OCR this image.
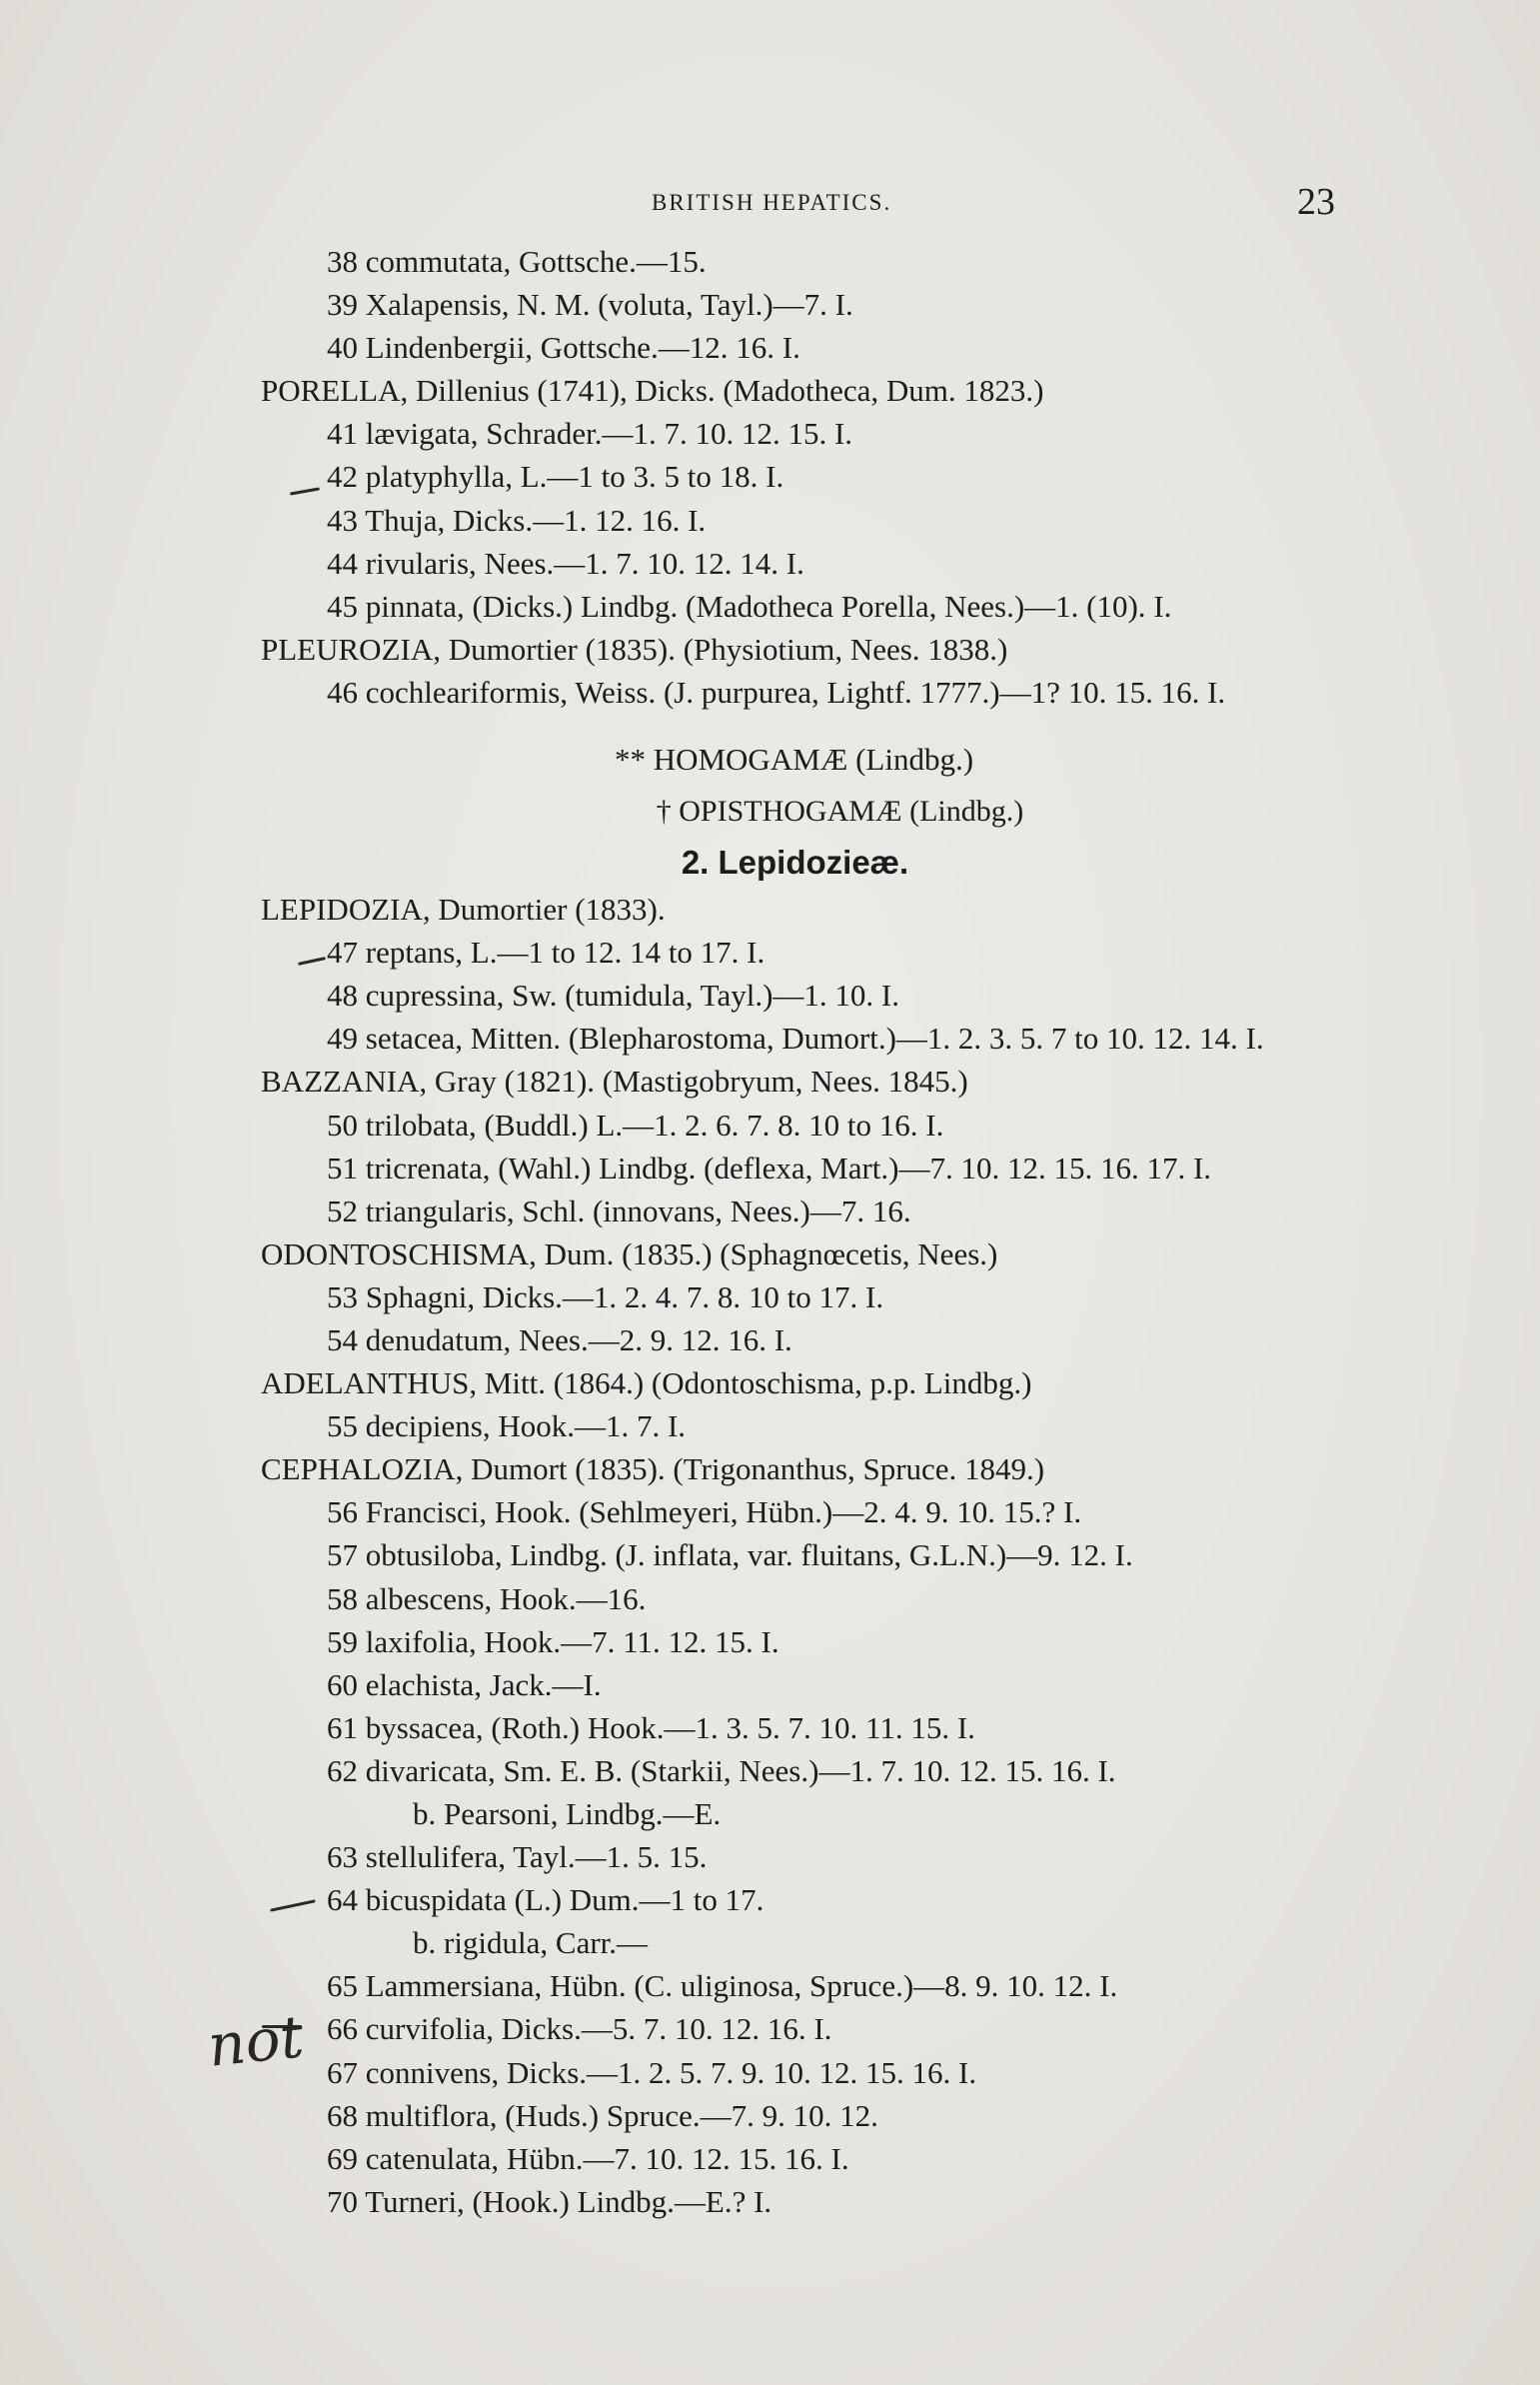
BRITISH HEPATICS.	23
38 commutata, Gottsche.—15.
39 Xalapensis, N. M. (voluta, Tayl.)—7. I.
40 Lindenbergii, Gottsche.—12. 16. I.
PORELLA, Dillenius (1741), Dicks. (Madotheca, Dum. 1823.)
41 lævigata, Schrader.—1. 7. 10. 12. 15. I.
42 platyphylla, L.—1 to 3. 5 to 18. I.
43 Thuja, Dicks.—1. 12. 16. I.
44 rivularis, Nees.—1. 7. 10. 12. 14. I.
45 pinnata, (Dicks.) Lindbg. (Madotheca Porella, Nees.)—1. (10). I.
PLEUROZIA, Dumortier (1835). (Physiotium, Nees. 1838.)
46 cochleariformis, Weiss. (J. purpurea, Lightf. 1777.)—1? 10. 15. 16. I.
** HOMOGAMÆ (Lindbg.)
† OPISTHOGAMÆ (Lindbg.)
2. Lepidozieæ.
LEPIDOZIA, Dumortier (1833).
47 reptans, L.—1 to 12. 14 to 17. I.
48 cupressina, Sw. (tumidula, Tayl.)—1. 10. I.
49 setacea, Mitten. (Blepharostoma, Dumort.)—1. 2. 3. 5. 7 to 10. 12. 14. I.
BAZZANIA, Gray (1821). (Mastigobryum, Nees. 1845.)
50 trilobata, (Buddl.) L.—1. 2. 6. 7. 8. 10 to 16. I.
51 tricrenata, (Wahl.) Lindbg. (deflexa, Mart.)—7. 10. 12. 15. 16. 17. I.
52 triangularis, Schl. (innovans, Nees.)—7. 16.
ODONTOSCHISMA, Dum. (1835.) (Sphagnœcetis, Nees.)
53 Sphagni, Dicks.—1. 2. 4. 7. 8. 10 to 17. I.
54 denudatum, Nees.—2. 9. 12. 16. I.
ADELANTHUS, Mitt. (1864.) (Odontoschisma, p.p. Lindbg.)
55 decipiens, Hook.—1. 7. I.
CEPHALOZIA, Dumort (1835). (Trigonanthus, Spruce. 1849.)
56 Francisci, Hook. (Sehlmeyeri, Hübn.)—2. 4. 9. 10. 15.? I.
57 obtusiloba, Lindbg. (J. inflata, var. fluitans, G.L.N.)—9. 12. I.
58 albescens, Hook.—16.
59 laxifolia, Hook.—7. 11. 12. 15. I.
60 elachista, Jack.—I.
61 byssacea, (Roth.) Hook.—1. 3. 5. 7. 10. 11. 15. I.
62 divaricata, Sm. E. B. (Starkii, Nees.)—1. 7. 10. 12. 15. 16. I.
b. Pearsoni, Lindbg.—E.
63 stellulifera, Tayl.—1. 5. 15.
64 bicuspidata (L.) Dum.—1 to 17.
b. rigidula, Carr.—
65 Lammersiana, Hübn. (C. uliginosa, Spruce.)—8. 9. 10. 12. I.
66 curvifolia, Dicks.—5. 7. 10. 12. 16. I.
67 connivens, Dicks.—1. 2. 5. 7. 9. 10. 12. 15. 16. I.
68 multiflora, (Huds.) Spruce.—7. 9. 10. 12.
69 catenulata, Hübn.—7. 10. 12. 15. 16. I.
70 Turneri, (Hook.) Lindbg.—E.? I.
not
